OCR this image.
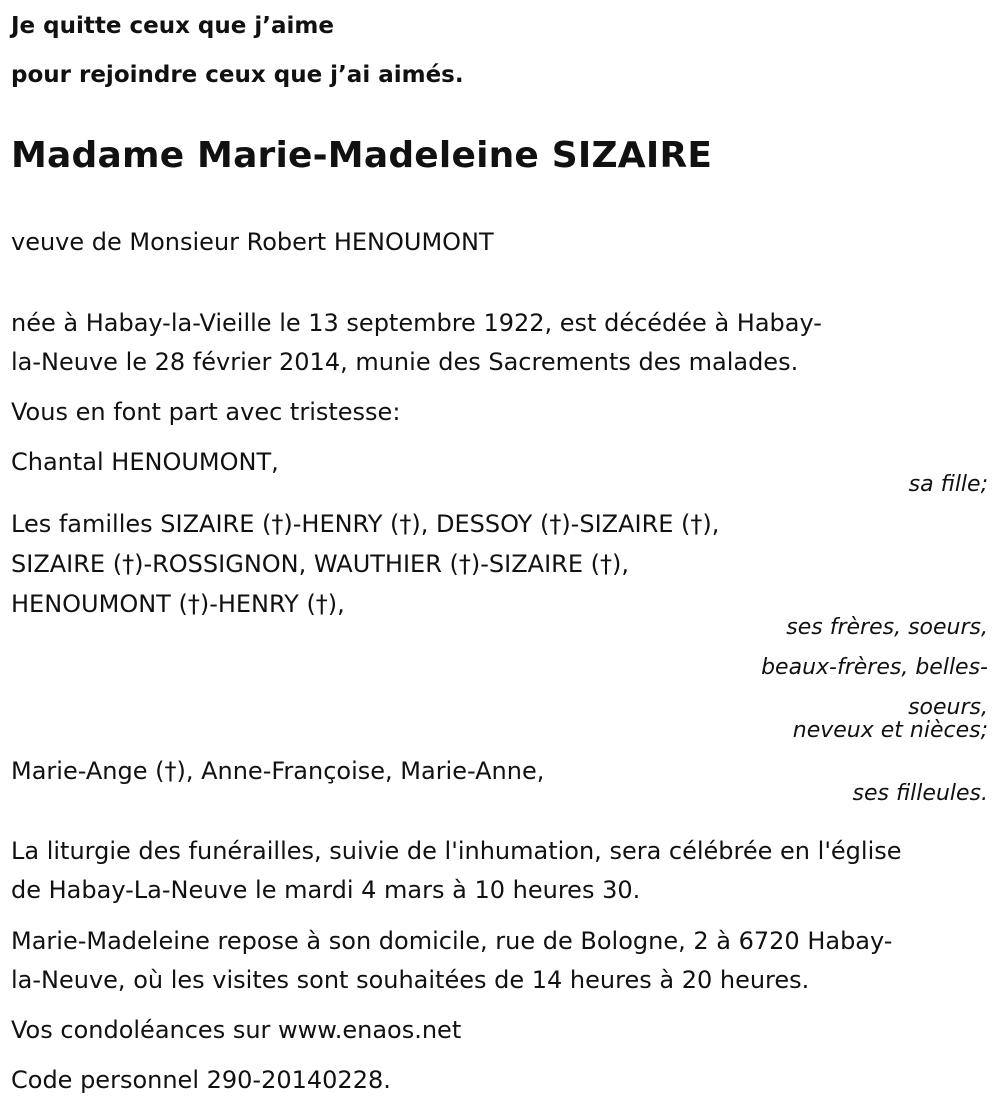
Je quitte ceux que j’aime
pour rejoindre ceux que j’ai aimés.
Madame Marie-Madeleine SIZAIRE
veuve de Monsieur Robert HENOUMONT
née à Habay-la-Vieille le 13 septembre 1922, est décédée à Habay-
la-Neuve le 28 février 2014, munie des Sacrements des malades.
Vous en font part avec tristesse:
Chantal HENOUMONT,
sa fille;
Les familles SIZAIRE (†)-HENRY (†), DESSOY (†)-SIZAIRE (†),
SIZAIRE (†)-ROSSIGNON, WAUTHIER (†)-SIZAIRE (†),
HENOUMONT (†)-HENRY (†),
ses frères, soeurs,
beaux-frères, belles-
soeurs,
neveux et nièces;
Marie-Ange (†), Anne-Françoise, Marie-Anne,
ses filleules.
La liturgie des funérailles, suivie de l'inhumation, sera célébrée en l'église
de Habay-La-Neuve le mardi 4 mars à 10 heures 30.
Marie-Madeleine repose à son domicile, rue de Bologne, 2 à 6720 Habay-
la-Neuve, où les visites sont souhaitées de 14 heures à 20 heures.
Vos condoléances sur www.enaos.net
Code personnel 290-20140228.
